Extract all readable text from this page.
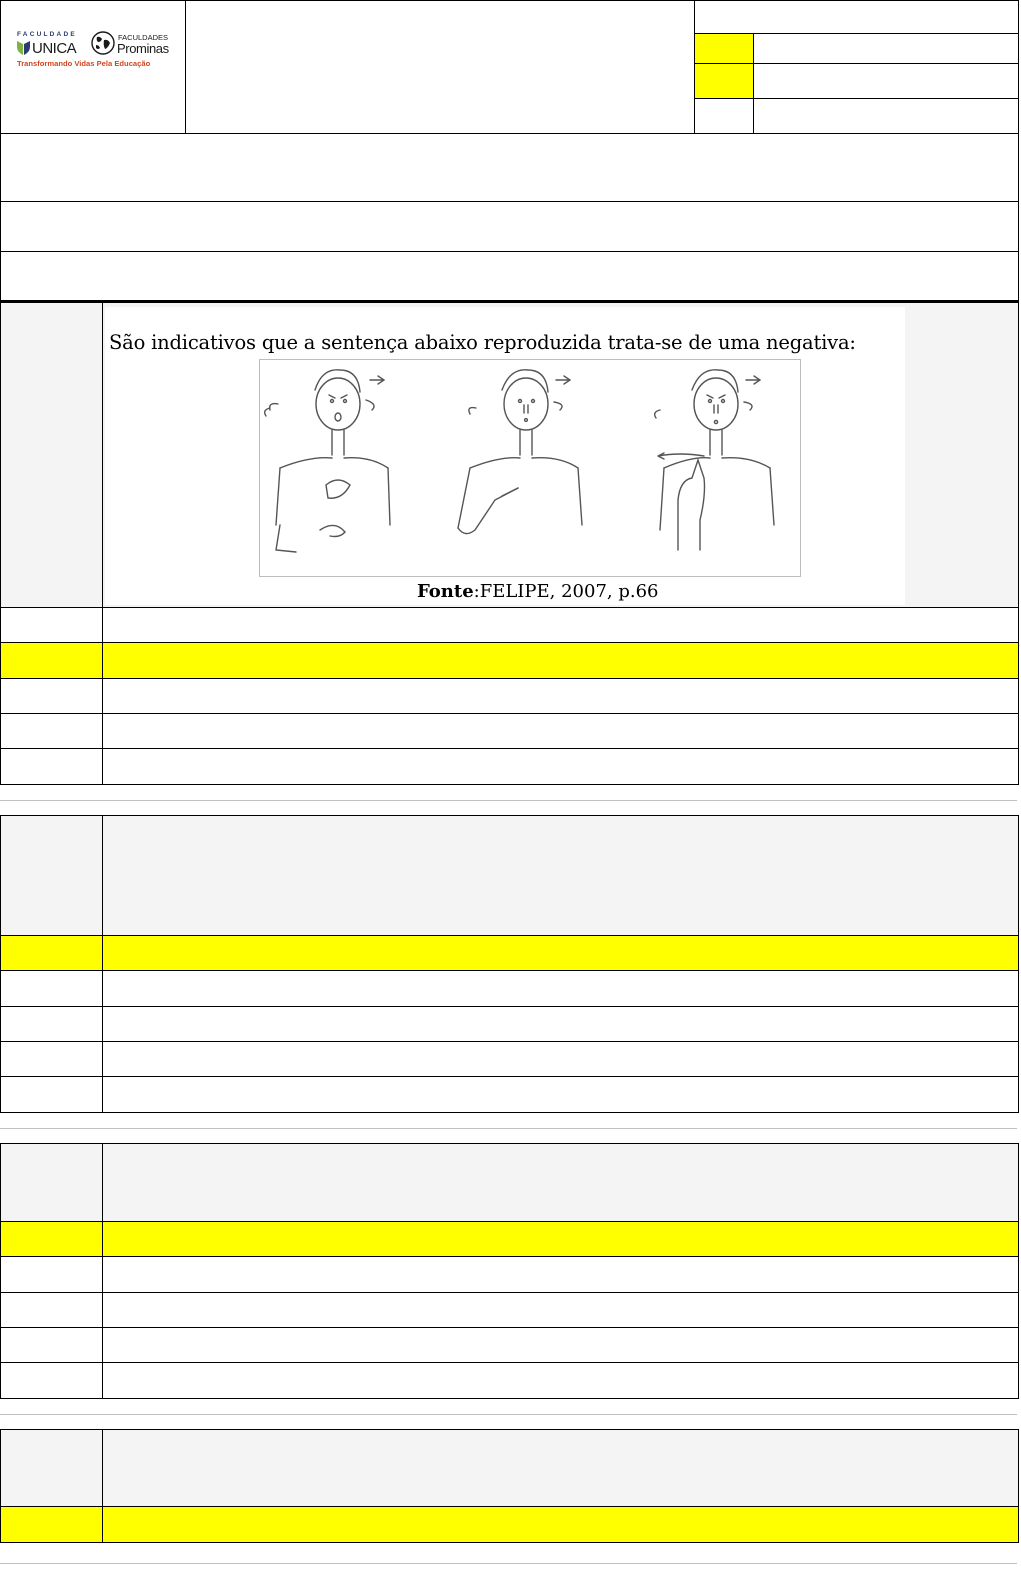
FACULDADE
UNICA
FACULDADES
Prominas
Transformando Vidas Pela Educação
São indicativos que a sentença abaixo reproduzida trata-se de uma negativa:
Fonte:FELIPE, 2007, p.66
